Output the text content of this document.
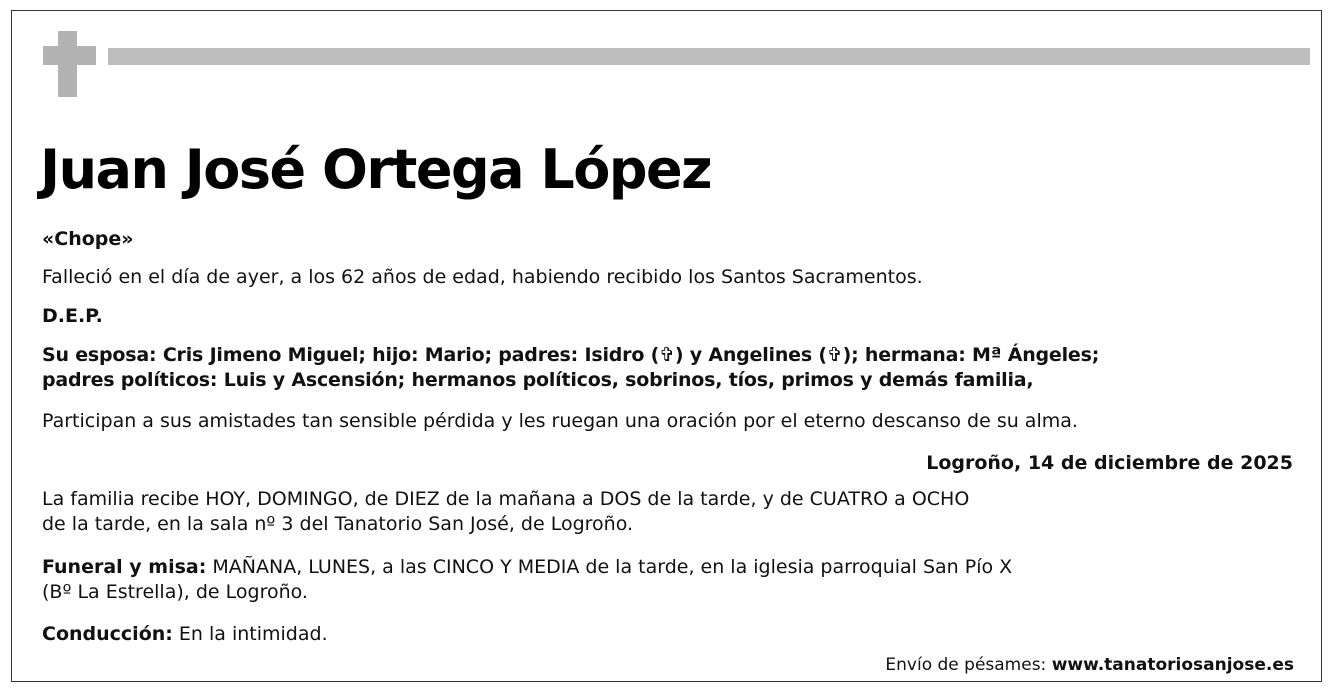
Juan José Ortega López
«Chope»
Falleció en el día de ayer, a los 62 años de edad, habiendo recibido los Santos Sacramentos.
D.E.P.
Su esposa: Cris Jimeno Miguel; hijo: Mario; padres: Isidro (✞) y Angelines (✞); hermana: Mª Ángeles;
padres políticos: Luis y Ascensión; hermanos políticos, sobrinos, tíos, primos y demás familia,
Participan a sus amistades tan sensible pérdida y les ruegan una oración por el eterno descanso de su alma.
Logroño, 14 de diciembre de 2025
La familia recibe HOY, DOMINGO, de DIEZ de la mañana a DOS de la tarde, y de CUATRO a OCHO
de la tarde, en la sala nº 3 del Tanatorio San José, de Logroño.
Funeral y misa: MAÑANA, LUNES, a las CINCO Y MEDIA de la tarde, en la iglesia parroquial San Pío X
(Bº La Estrella), de Logroño.
Conducción: En la intimidad.
Envío de pésames: www.tanatoriosanjose.es
